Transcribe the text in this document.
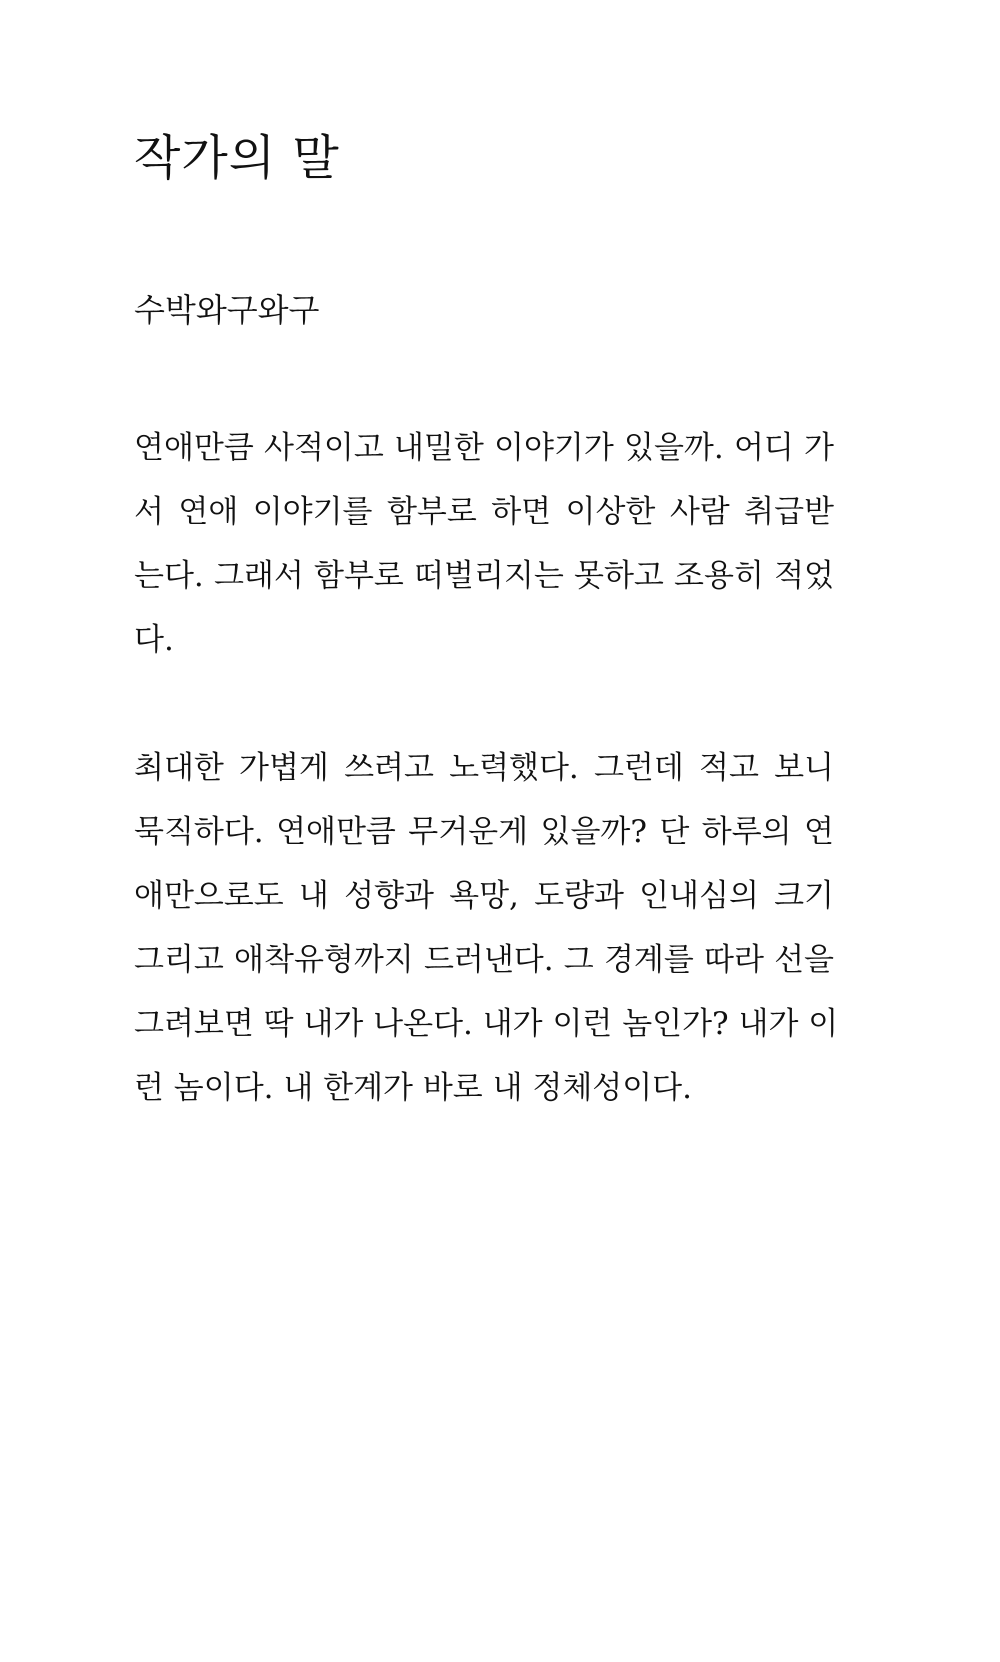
작가의 말

수박와구와구

연애만큼 사적이고 내밀한 이야기가 있을까. 어디 가
서 연애 이야기를 함부로 하면 이상한 사람 취급받
는다. 그래서 함부로 떠벌리지는 못하고 조용히 적었
다.

최대한 가볍게 쓰려고 노력했다. 그런데 적고 보니
묵직하다. 연애만큼 무거운게 있을까? 단 하루의 연
애만으로도 내 성향과 욕망, 도량과 인내심의 크기
그리고 애착유형까지 드러낸다. 그 경계를 따라 선을
그려보면 딱 내가 나온다. 내가 이런 놈인가? 내가 이
런 놈이다. 내 한계가 바로 내 정체성이다.
